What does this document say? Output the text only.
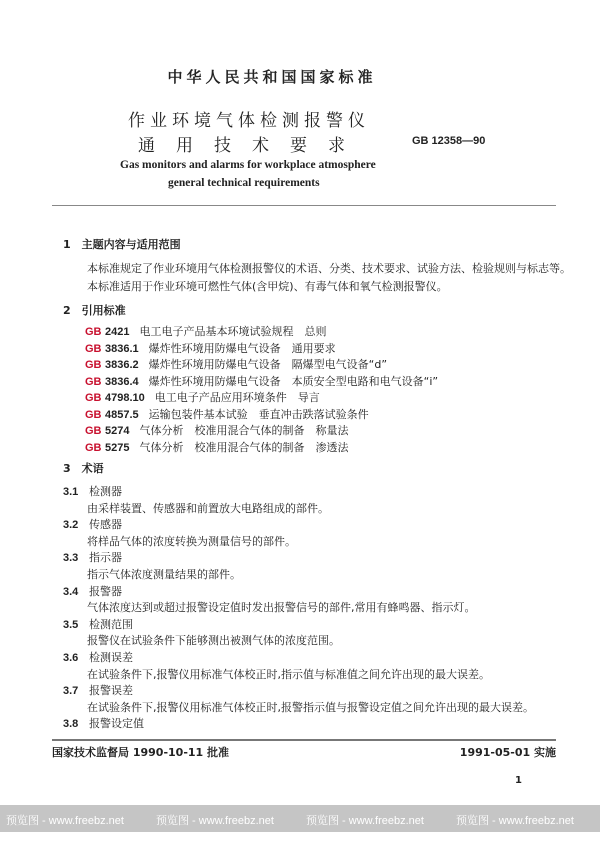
中华人民共和国国家标准
作业环境气体检测报警仪
通用技术要求	GB 12358—90
Gas monitors and alarms for workplace atmosphere
general technical requirements
1　主题内容与适用范围
本标准规定了作业环境用气体检测报警仪的术语、分类、技术要求、试验方法、检验规则与标志等。
本标准适用于作业环境可燃性气体(含甲烷)、有毒气体和氧气检测报警仪。
2　引用标准
GB 2421 电工电子产品基本环境试验规程　总则
GB 3836.1 爆炸性环境用防爆电气设备　通用要求
GB 3836.2 爆炸性环境用防爆电气设备　隔爆型电气设备“d”
GB 3836.4 爆炸性环境用防爆电气设备　本质安全型电路和电气设备“i”
GB 4798.10 电工电子产品应用环境条件　导言
GB 4857.5 运输包装件基本试验　垂直冲击跌落试验条件
GB 5274 气体分析　校准用混合气体的制备　称量法
GB 5275 气体分析　校准用混合气体的制备　渗透法
3　术语
3.1 检测器
由采样装置、传感器和前置放大电路组成的部件。
3.2 传感器
将样品气体的浓度转换为测量信号的部件。
3.3 指示器
指示气体浓度测量结果的部件。
3.4 报警器
气体浓度达到或超过报警设定值时发出报警信号的部件,常用有蜂鸣器、指示灯。
3.5 检测范围
报警仪在试验条件下能够测出被测气体的浓度范围。
3.6 检测误差
在试验条件下,报警仪用标准气体校正时,指示值与标准值之间允许出现的最大误差。
3.7 报警误差
在试验条件下,报警仪用标准气体校正时,报警指示值与报警设定值之间允许出现的最大误差。
3.8 报警设定值
国家技术监督局 1990-10-11 批准	1991-05-01 实施
1
预览图 - www.freebz.net	预览图 - www.freebz.net	预览图 - www.freebz.net	预览图 - www.freebz.net
